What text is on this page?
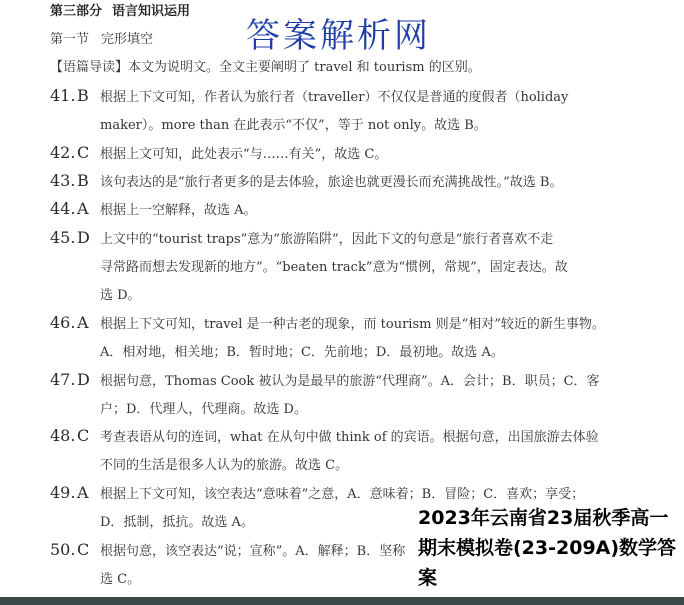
第三部分 语言知识运用
答案解析网
第一节 完形填空
【语篇导读】本文为说明文。全文主要阐明了 travel 和 tourism 的区别。
41. B 根据上下文可知，作者认为旅行者（traveller）不仅仅是普通的度假者（holiday
maker）。more than 在此表示“不仅”，等于 not only。故选 B。
42. C 根据上文可知，此处表示“与……有关”，故选 C。
43. B 该句表达的是“旅行者更多的是去体验，旅途也就更漫长而充满挑战性。”故选 B。
44. A 根据上一空解释，故选 A。
45. D 上文中的“tourist traps”意为“旅游陷阱”，因此下文的句意是“旅行者喜欢不走
寻常路而想去发现新的地方”。“beaten track”意为“惯例，常规”，固定表达。故
选 D。
46. A 根据上下文可知，travel 是一种古老的现象，而 tourism 则是“相对”较近的新生事物。
A．相对地，相关地；B．暂时地；C．先前地；D．最初地。故选 A。
47. D 根据句意，Thomas Cook 被认为是最早的旅游“代理商”。A．会计；B．职员；C．客
户；D．代理人，代理商。故选 D。
48. C 考查表语从句的连词，what 在从句中做 think of 的宾语。根据句意，出国旅游去体验
不同的生活是很多人认为的旅游。故选 C。
49. A 根据上下文可知，该空表达“意味着”之意，A．意味着；B．冒险；C．喜欢；享受；
D．抵制，抵抗。故选 A。
50. C 根据句意，该空表达“说；宣称”。A．解释；B．坚称
选 C。
2023年云南省23届秋季高一期末模拟卷(23-209A)数学答案
